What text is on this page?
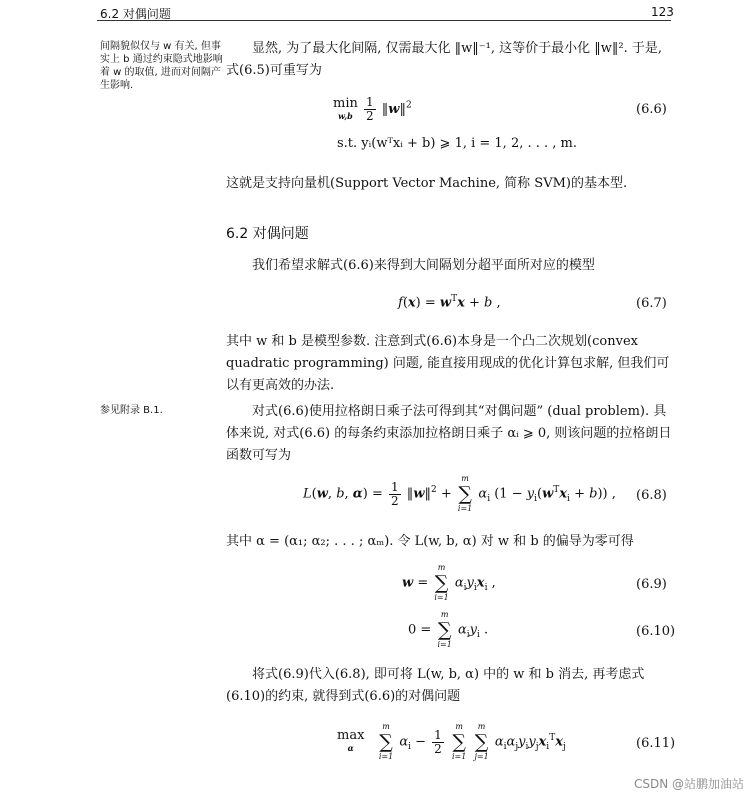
6.2 对偶问题	123
间隔貌似仅与 w 有关, 但事实上 b 通过约束隐式地影响着 w 的取值, 进而对间隔产生影响.
参见附录 B.1.

显然, 为了最大化间隔, 仅需最大化 ‖w‖⁻¹, 这等价于最小化 ‖w‖². 于是, 式(6.5)可重写为

min
w,b
$\frac{1}{2}$ ‖w‖$^2$	(6.6)
s.t. yᵢ(wᵀxᵢ + b) ⩾ 1, i = 1, 2, . . . , m.

这就是支持向量机(Support Vector Machine, 简称 SVM)的基本型.

6.2 对偶问题

我们希望求解式(6.6)来得到大间隔划分超平面所对应的模型

$f(x) = w^Tx + b$ ,	(6.7)

其中 w 和 b 是模型参数. 注意到式(6.6)本身是一个凸二次规划(convex quadratic programming) 问题, 能直接用现成的优化计算包求解, 但我们可以有更高效的办法.

对式(6.6)使用拉格朗日乘子法可得到其“对偶问题” (dual problem). 具体来说, 对式(6.6) 的每条约束添加拉格朗日乘子 αᵢ ⩾ 0, 则该问题的拉格朗日函数可写为

L(w, b, $\alpha) = \frac{1}{2}$ ‖w‖$^2$ +
m
∑
i=1
$\alpha_i$ $(1 - y_i(w^Tx_i + b))$ , (6.8)

其中 α = (α₁; α₂; . . . ; αₘ). 令 L(w, b, α) 对 w 和 b 的偏导为零可得

w =
m
∑
i=1
$\alpha_iy_ix_i$ ,	(6.9)
0 =
m
∑
i=1
$\alpha_iy_i$ .	(6.10)

将式(6.9)代入(6.8), 即可将 L(w, b, α) 中的 w 和 b 消去, 再考虑式(6.10)的约束, 就得到式(6.6)的对偶问题

max
α

m
∑
i=1
$\alpha_i - \frac{1}{2}$

m
∑
i=1

m
∑
j=1
$\alpha_i\alpha_jy_iy_jx_i^Tx_j$	(6.11)
CSDN @站鹏加油站
